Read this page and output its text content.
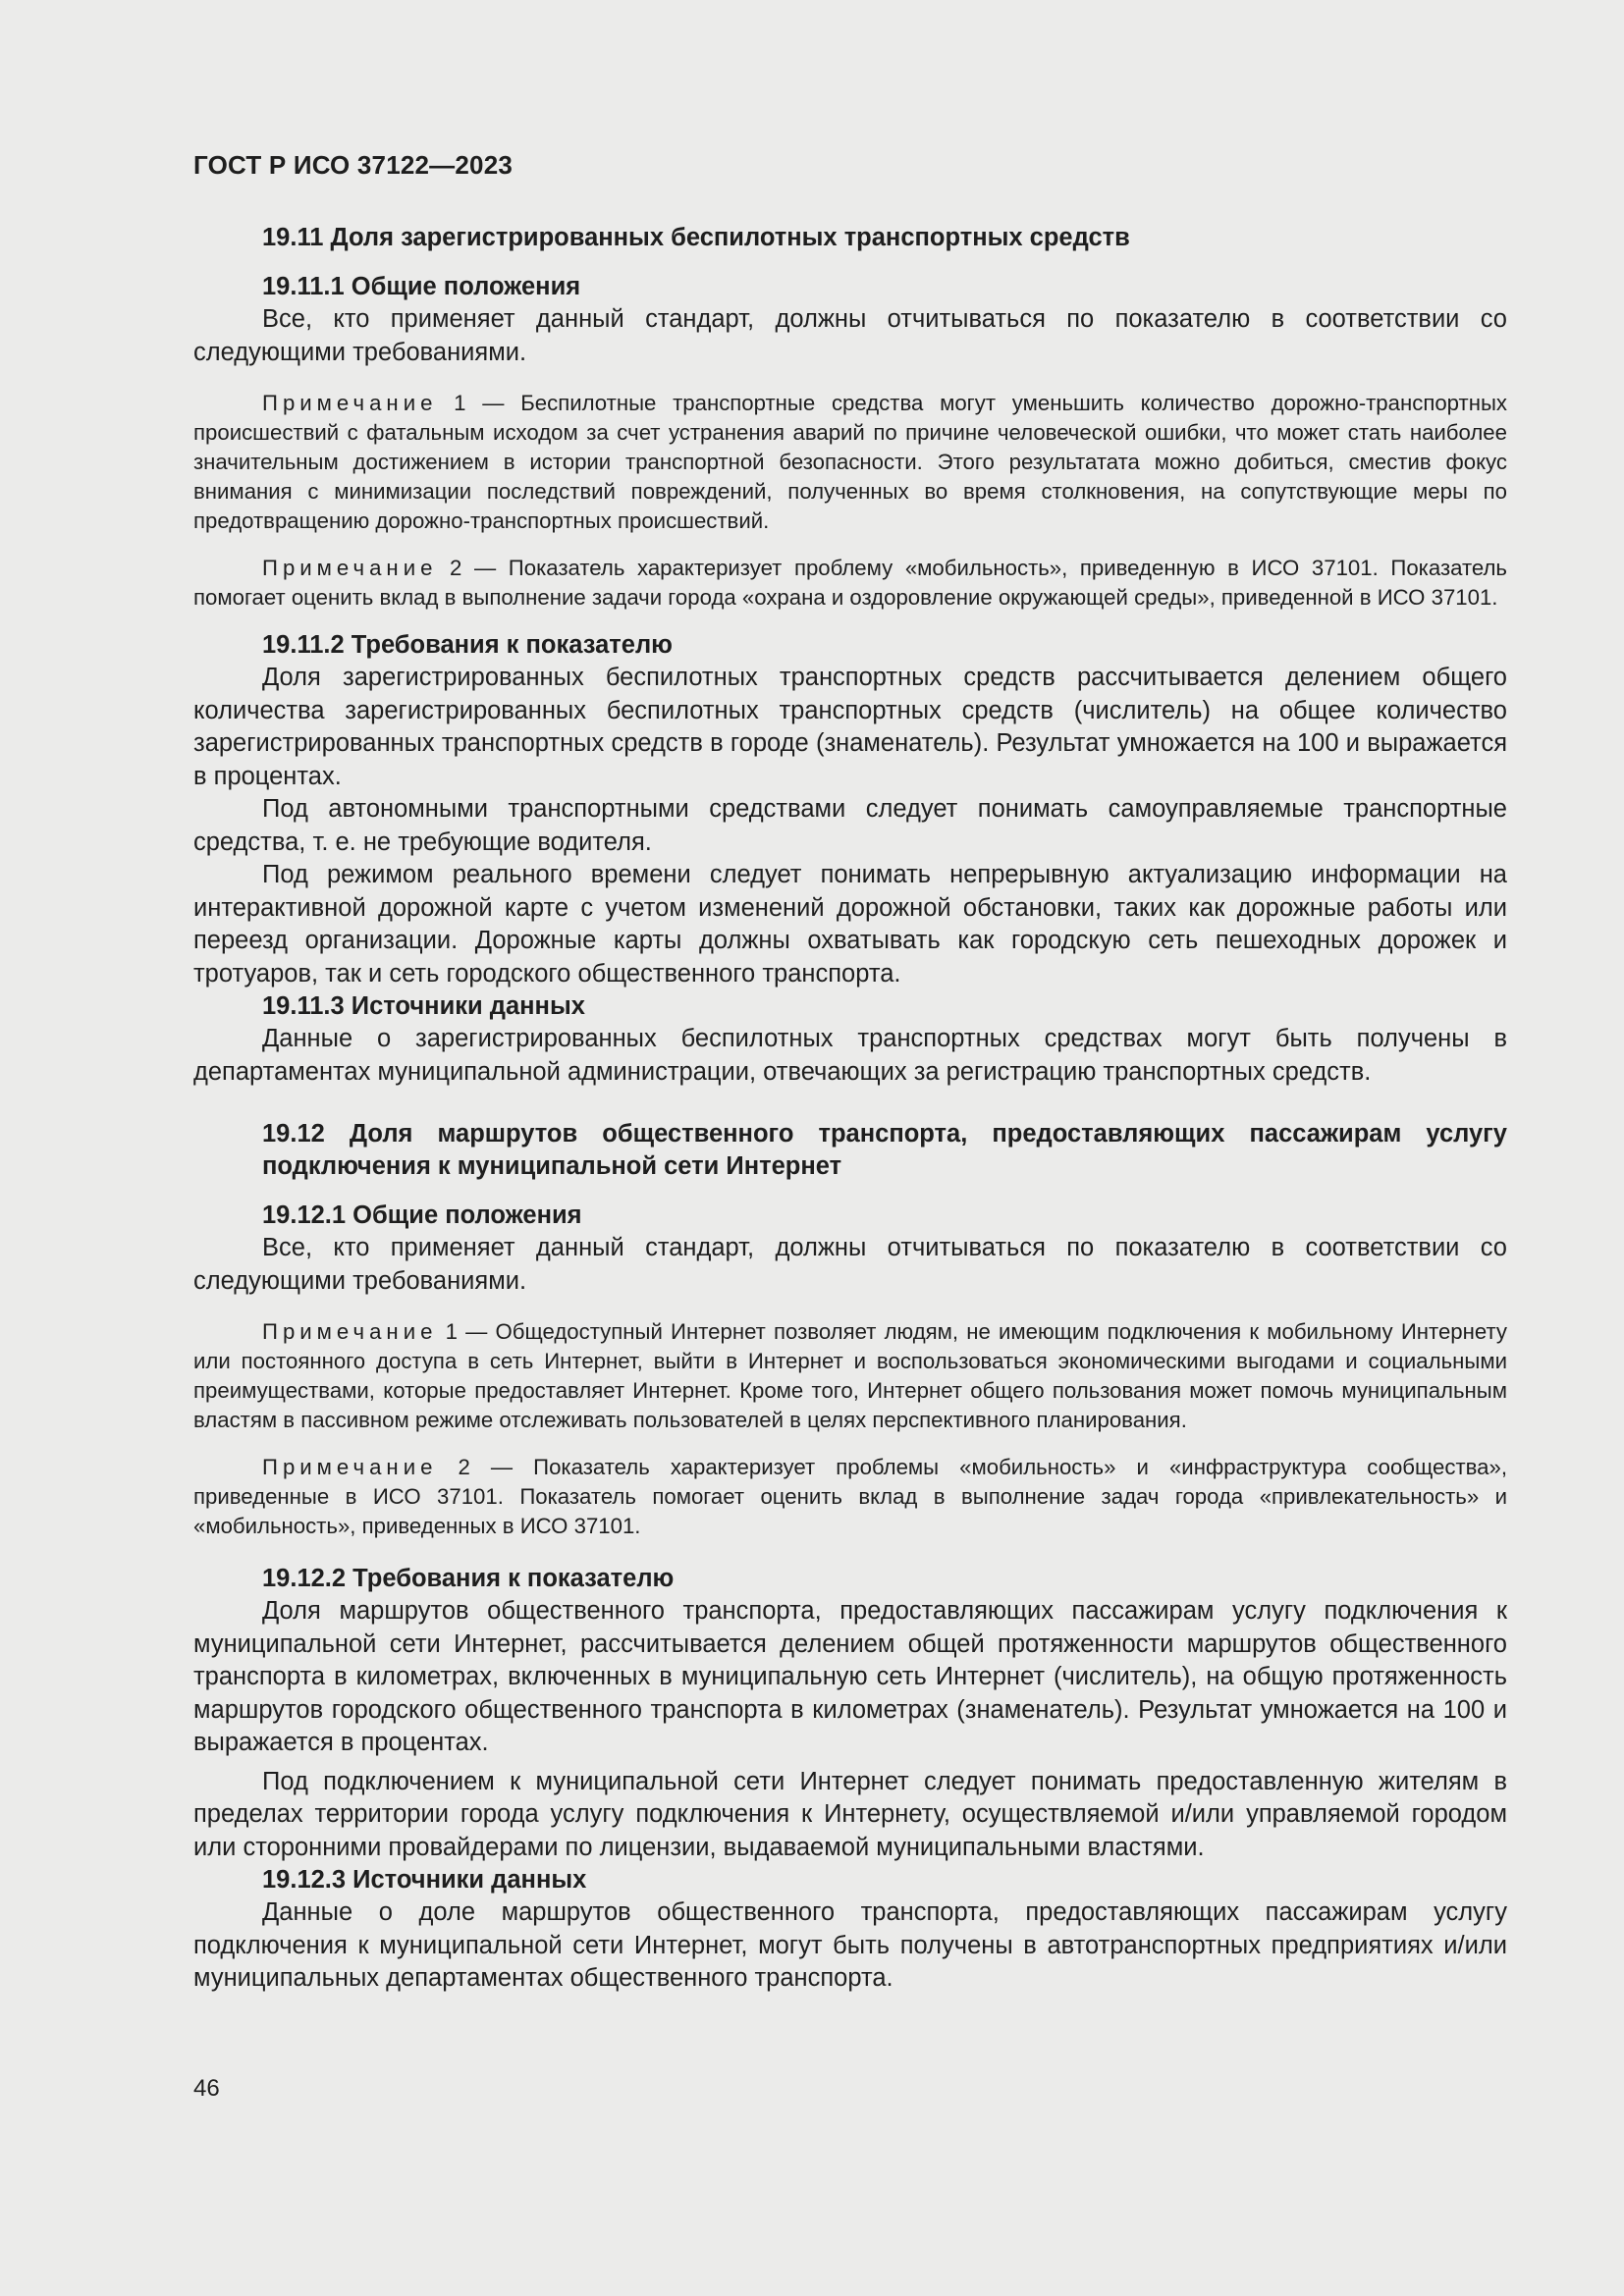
ГОСТ Р ИСО 37122—2023
19.11 Доля зарегистрированных беспилотных транспортных средств
19.11.1 Общие положения
Все, кто применяет данный стандарт, должны отчитываться по показателю в соответствии со следующими требованиями.
Примечание 1 — Беспилотные транспортные средства могут уменьшить количество дорожно-транспортных происшествий с фатальным исходом за счет устранения аварий по причине человеческой ошибки, что может стать наиболее значительным достижением в истории транспортной безопасности. Этого результатата можно добиться, сместив фокус внимания с минимизации последствий повреждений, полученных во время столкновения, на сопутствующие меры по предотвращению дорожно-транспортных происшествий.
Примечание 2 — Показатель характеризует проблему «мобильность», приведенную в ИСО 37101. Показатель помогает оценить вклад в выполнение задачи города «охрана и оздоровление окружающей среды», приведенной в ИСО 37101.
19.11.2 Требования к показателю
Доля зарегистрированных беспилотных транспортных средств рассчитывается делением общего количества зарегистрированных беспилотных транспортных средств (числитель) на общее количество зарегистрированных транспортных средств в городе (знаменатель). Результат умножается на 100 и выражается в процентах.
Под автономными транспортными средствами следует понимать самоуправляемые транспортные средства, т. е. не требующие водителя.
Под режимом реального времени следует понимать непрерывную актуализацию информации на интерактивной дорожной карте с учетом изменений дорожной обстановки, таких как дорожные работы или переезд организации. Дорожные карты должны охватывать как городскую сеть пешеходных дорожек и тротуаров, так и сеть городского общественного транспорта.
19.11.3 Источники данных
Данные о зарегистрированных беспилотных транспортных средствах могут быть получены в департаментах муниципальной администрации, отвечающих за регистрацию транспортных средств.
19.12 Доля маршрутов общественного транспорта, предоставляющих пассажирам услугу подключения к муниципальной сети Интернет
19.12.1 Общие положения
Все, кто применяет данный стандарт, должны отчитываться по показателю в соответствии со следующими требованиями.
Примечание 1 — Общедоступный Интернет позволяет людям, не имеющим подключения к мобильному Интернету или постоянного доступа в сеть Интернет, выйти в Интернет и воспользоваться экономическими выгодами и социальными преимуществами, которые предоставляет Интернет. Кроме того, Интернет общего пользования может помочь муниципальным властям в пассивном режиме отслеживать пользователей в целях перспективного планирования.
Примечание 2 — Показатель характеризует проблемы «мобильность» и «инфраструктура сообщества», приведенные в ИСО 37101. Показатель помогает оценить вклад в выполнение задач города «привлекательность» и «мобильность», приведенных в ИСО 37101.
19.12.2 Требования к показателю
Доля маршрутов общественного транспорта, предоставляющих пассажирам услугу подключения к муниципальной сети Интернет, рассчитывается делением общей протяженности маршрутов общественного транспорта в километрах, включенных в муниципальную сеть Интернет (числитель), на общую протяженность маршрутов городского общественного транспорта в километрах (знаменатель). Результат умножается на 100 и выражается в процентах.
Под подключением к муниципальной сети Интернет следует понимать предоставленную жителям в пределах территории города услугу подключения к Интернету, осуществляемой и/или управляемой городом или сторонними провайдерами по лицензии, выдаваемой муниципальными властями.
19.12.3 Источники данных
Данные о доле маршрутов общественного транспорта, предоставляющих пассажирам услугу подключения к муниципальной сети Интернет, могут быть получены в автотранспортных предприятиях и/или муниципальных департаментах общественного транспорта.
46
